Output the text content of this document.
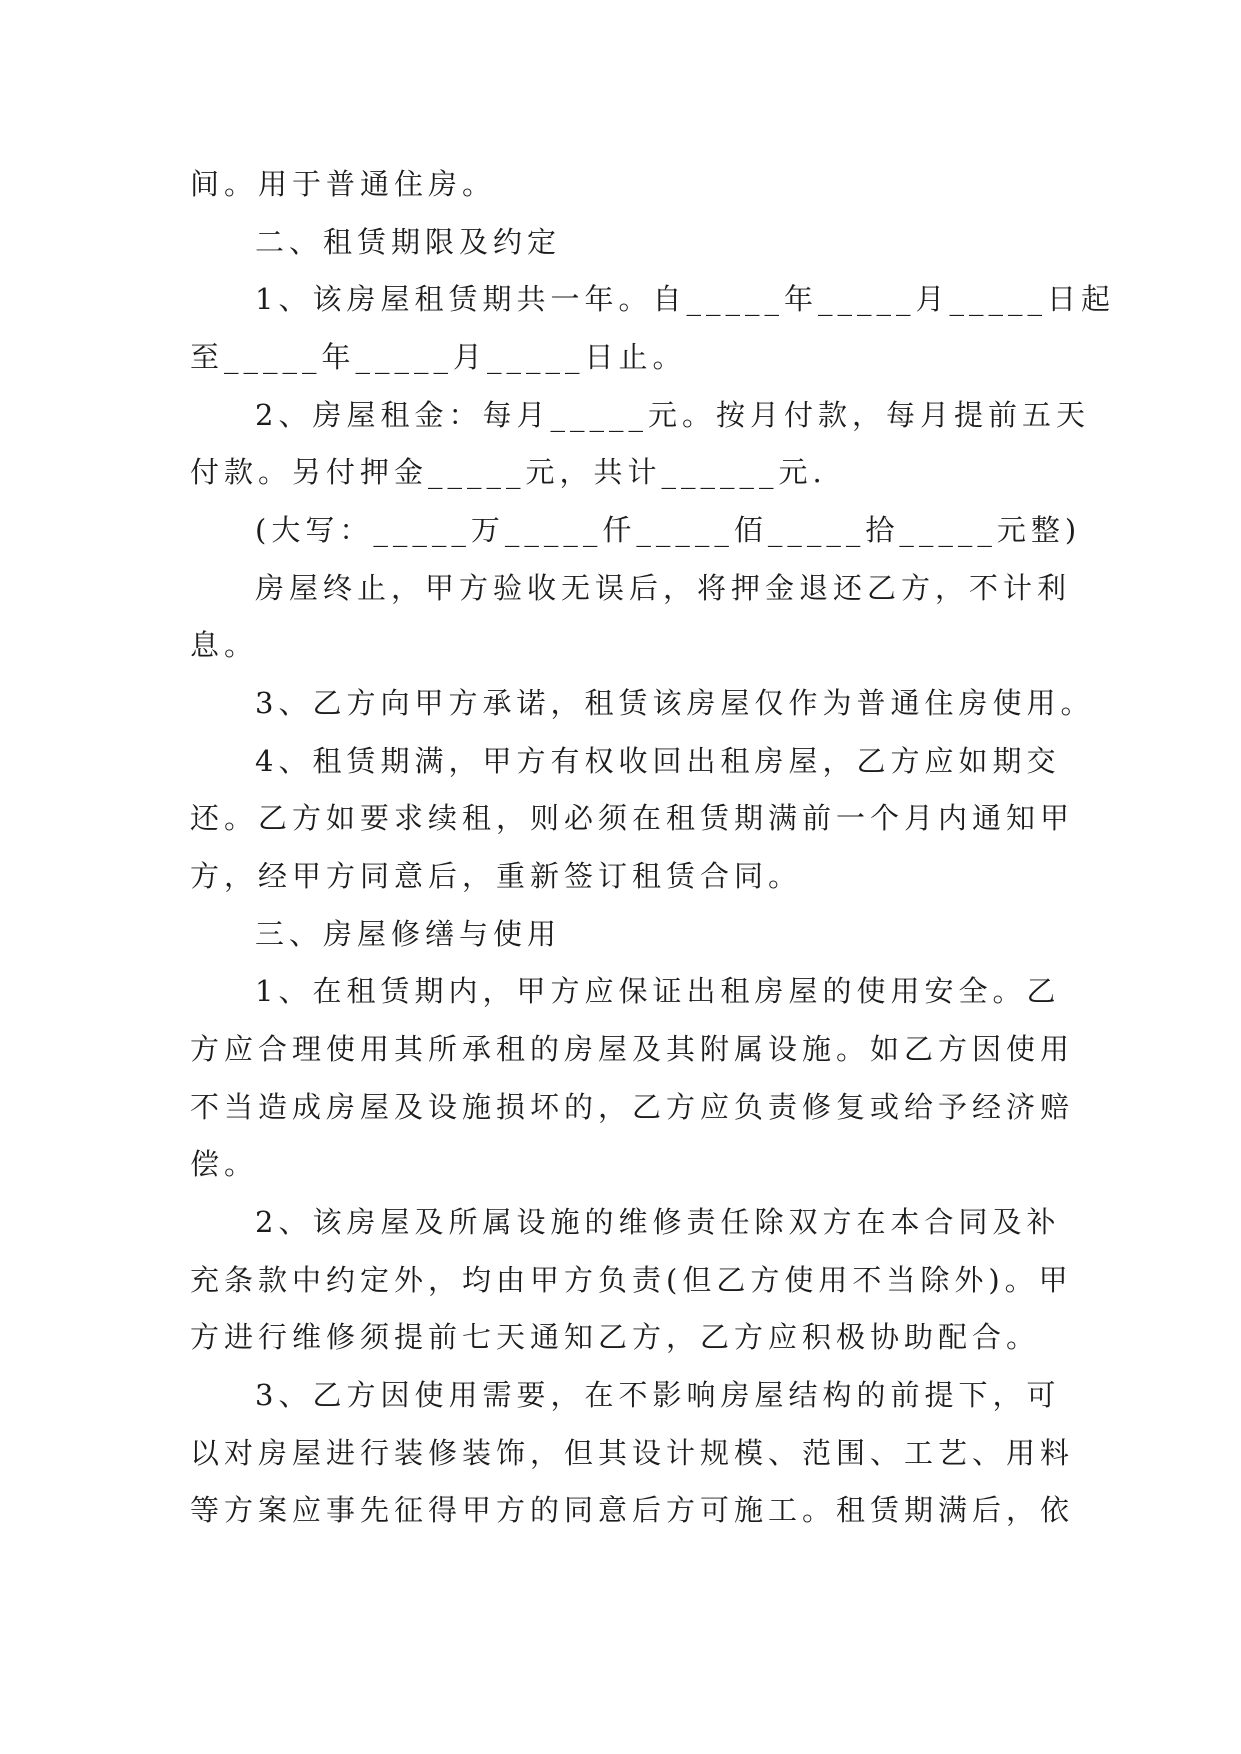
间。用于普通住房。
二、租赁期限及约定
1、该房屋租赁期共一年。自_____年_____月_____日起
至_____年_____月_____日止。
2、房屋租金：每月_____元。按月付款，每月提前五天
付款。另付押金_____元，共计______元.
(大写：_____万_____仟_____佰_____拾_____元整)
房屋终止，甲方验收无误后，将押金退还乙方，不计利
息。
3、乙方向甲方承诺，租赁该房屋仅作为普通住房使用。
4、租赁期满，甲方有权收回出租房屋，乙方应如期交
还。乙方如要求续租，则必须在租赁期满前一个月内通知甲
方，经甲方同意后，重新签订租赁合同。
三、房屋修缮与使用
1、在租赁期内，甲方应保证出租房屋的使用安全。乙
方应合理使用其所承租的房屋及其附属设施。如乙方因使用
不当造成房屋及设施损坏的，乙方应负责修复或给予经济赔
偿。
2、该房屋及所属设施的维修责任除双方在本合同及补
充条款中约定外，均由甲方负责(但乙方使用不当除外)。甲
方进行维修须提前七天通知乙方，乙方应积极协助配合。
3、乙方因使用需要，在不影响房屋结构的前提下，可
以对房屋进行装修装饰，但其设计规模、范围、工艺、用料
等方案应事先征得甲方的同意后方可施工。租赁期满后，依
